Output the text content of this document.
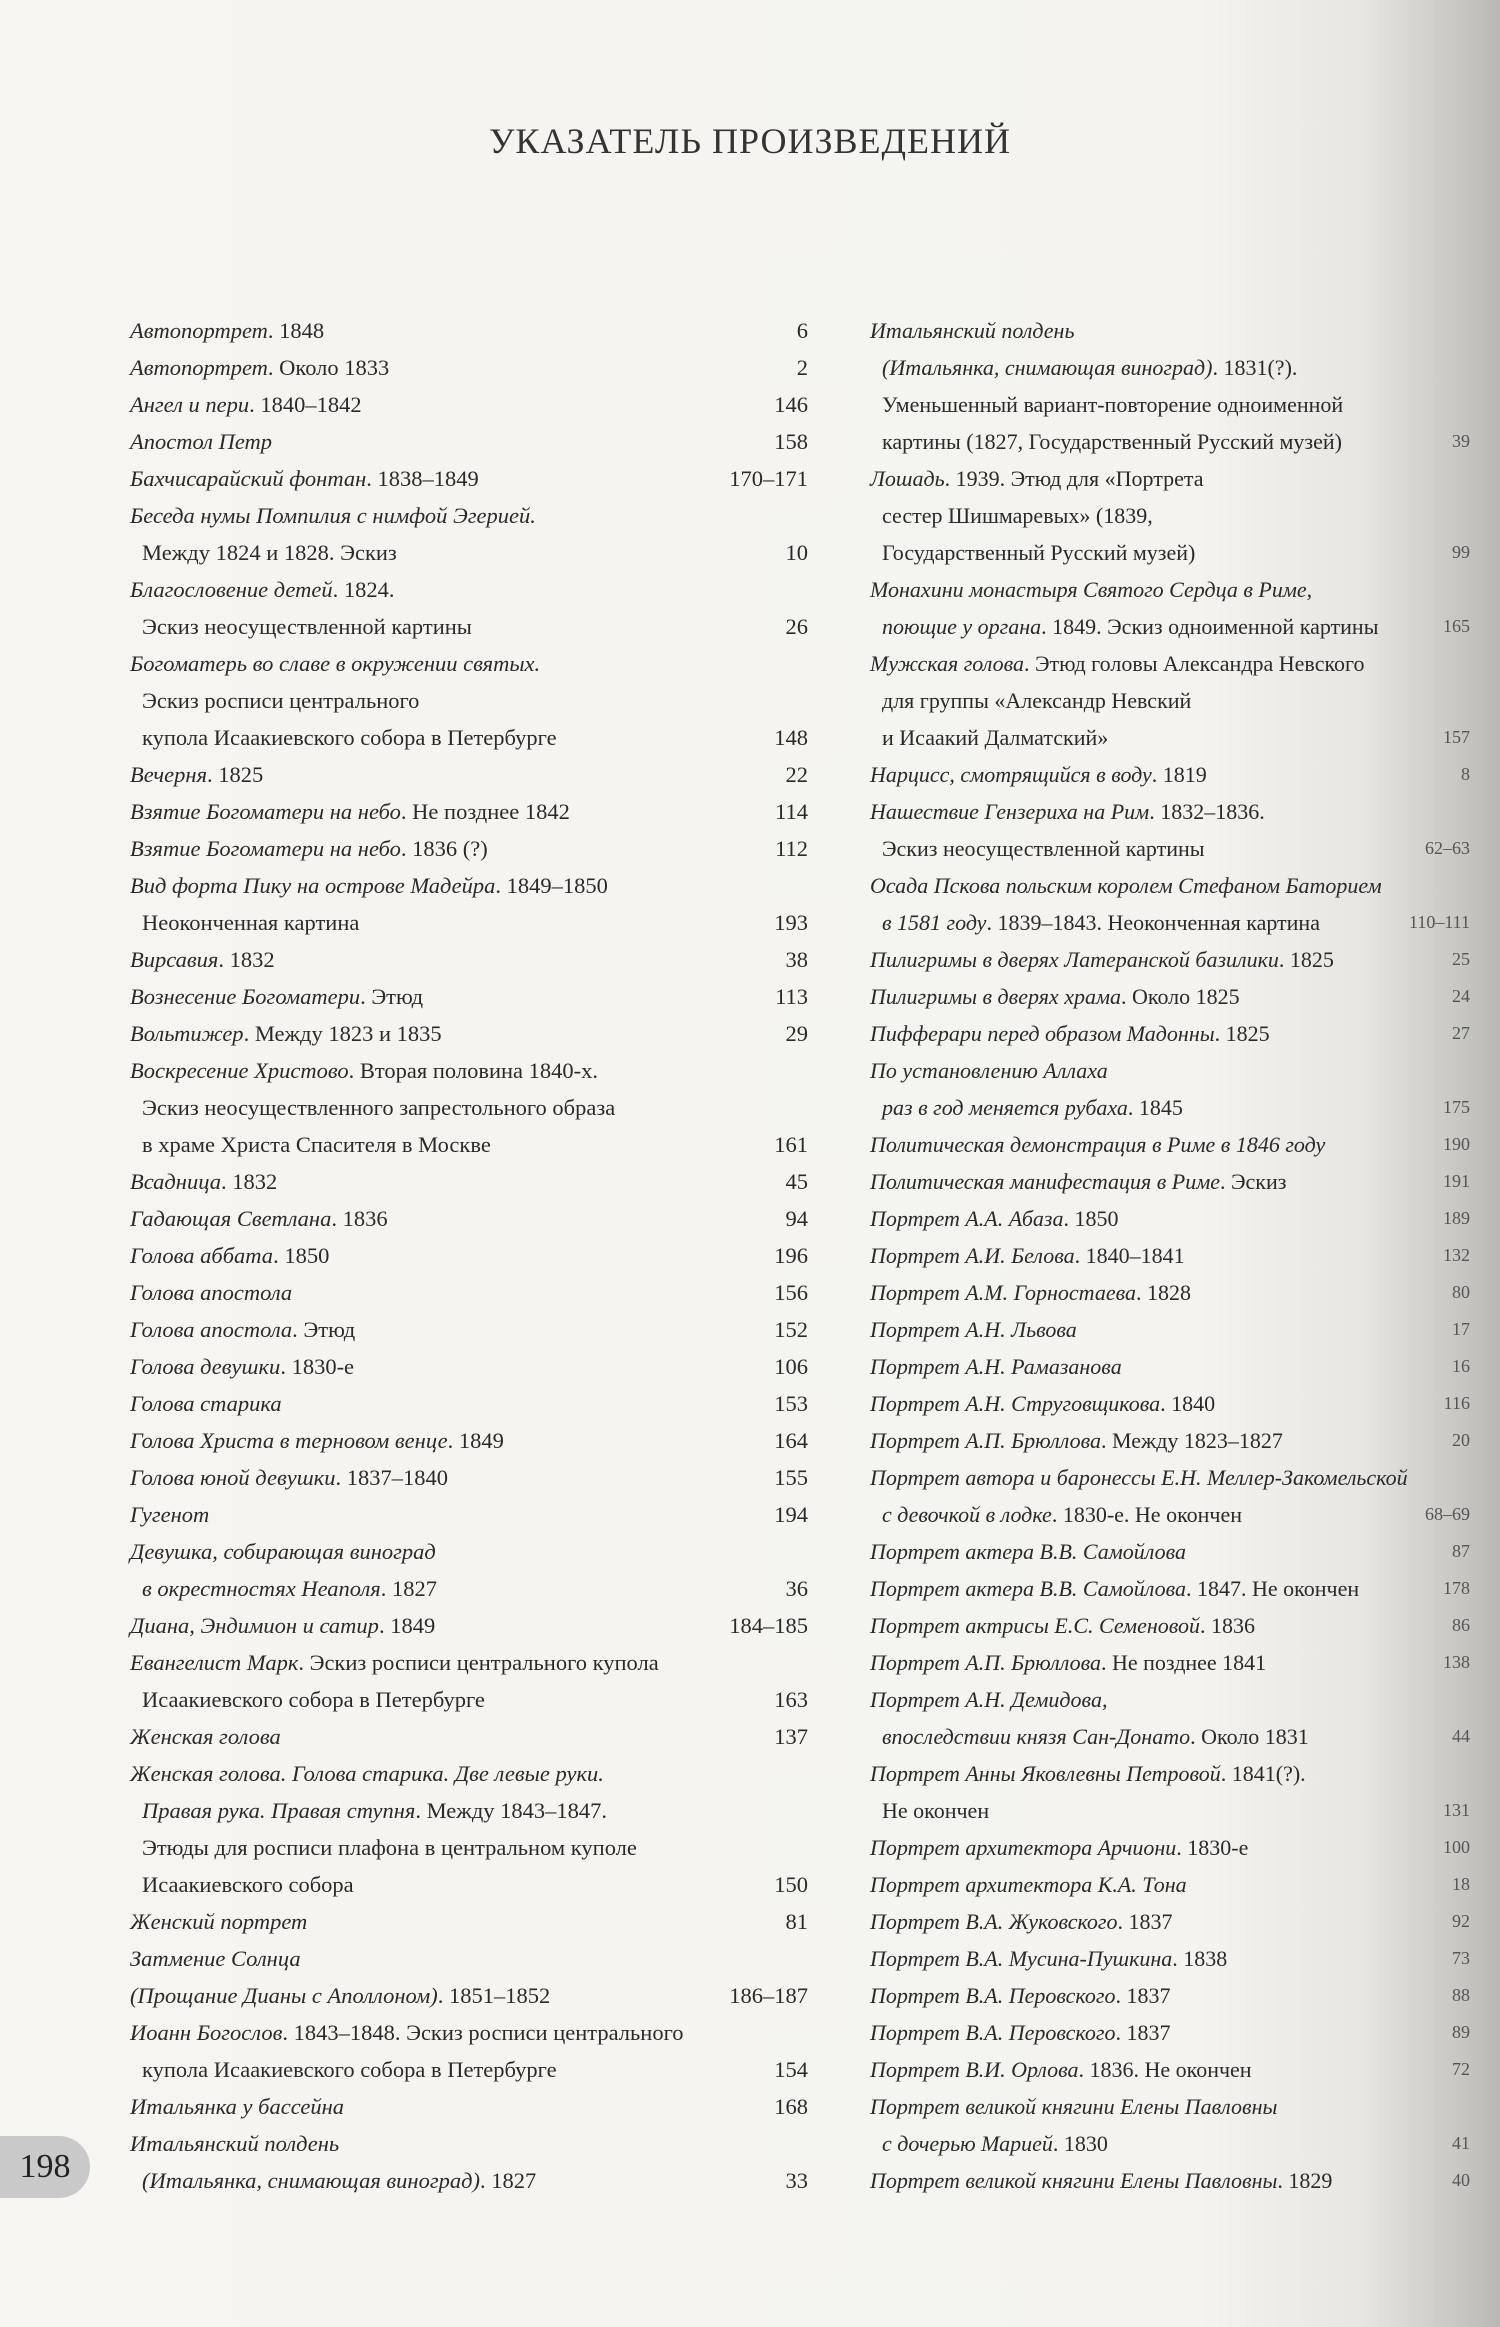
УКАЗАТЕЛЬ ПРОИЗВЕДЕНИЙ
Автопортрет. 1848	6
Автопортрет. Около 1833	2
Ангел и пери. 1840–1842	146
Апостол Петр	158
Бахчисарайский фонтан. 1838–1849	170–171
Беседа нумы Помпилия с нимфой Эгерией.
Между 1824 и 1828. Эскиз	10
Благословение детей. 1824.
Эскиз неосуществленной картины	26
Богоматерь во славе в окружении святых.
Эскиз росписи центрального
купола Исаакиевского собора в Петербурге	148
Вечерня. 1825	22
Взятие Богоматери на небо. Не позднее 1842	114
Взятие Богоматери на небо. 1836 (?)	112
Вид форта Пику на острове Мадейра. 1849–1850
Неоконченная картина	193
Вирсавия. 1832	38
Вознесение Богоматери. Этюд	113
Вольтижер. Между 1823 и 1835	29
Воскресение Христово. Вторая половина 1840-х.
Эскиз неосуществленного запрестольного образа
в храме Христа Спасителя в Москве	161
Всадница. 1832	45
Гадающая Светлана. 1836	94
Голова аббата. 1850	196
Голова апостола	156
Голова апостола. Этюд	152
Голова девушки. 1830-е	106
Голова старика	153
Голова Христа в терновом венце. 1849	164
Голова юной девушки. 1837–1840	155
Гугенот	194
Девушка, собирающая виноград
в окрестностях Неаполя. 1827	36
Диана, Эндимион и сатир. 1849	184–185
Евангелист Марк. Эскиз росписи центрального купола
Исаакиевского собора в Петербурге	163
Женская голова	137
Женская голова. Голова старика. Две левые руки.
Правая рука. Правая ступня. Между 1843–1847.
Этюды для росписи плафона в центральном куполе
Исаакиевского собора	150
Женский портрет	81
Затмение Солнца
(Прощание Дианы с Аполлоном). 1851–1852	186–187
Иоанн Богослов. 1843–1848. Эскиз росписи центрального
купола Исаакиевского собора в Петербурге	154
Итальянка у бассейна	168
Итальянский полдень
(Итальянка, снимающая виноград). 1827	33
Итальянский полдень
(Итальянка, снимающая виноград). 1831(?).
Уменьшенный вариант-повторение одноименной
картины (1827, Государственный Русский музей)	39
Лошадь. 1939. Этюд для «Портрета
сестер Шишмаревых» (1839,
Государственный Русский музей)	99
Монахини монастыря Святого Сердца в Риме,
поющие у органа. 1849. Эскиз одноименной картины	165
Мужская голова. Этюд головы Александра Невского
для группы «Александр Невский
и Исаакий Далматский»	157
Нарцисс, смотрящийся в воду. 1819	8
Нашествие Гензериха на Рим. 1832–1836.
Эскиз неосуществленной картины	62–63
Осада Пскова польским королем Стефаном Баторием
в 1581 году. 1839–1843. Неоконченная картина	110–111
Пилигримы в дверях Латеранской базилики. 1825	25
Пилигримы в дверях храма. Около 1825	24
Пифферари перед образом Мадонны. 1825	27
По установлению Аллаха
раз в год меняется рубаха. 1845	175
Политическая демонстрация в Риме в 1846 году	190
Политическая манифестация в Риме. Эскиз	191
Портрет А.А. Абаза. 1850	189
Портрет А.И. Белова. 1840–1841	132
Портрет А.М. Горностаева. 1828	80
Портрет А.Н. Львова	17
Портрет А.Н. Рамазанова	16
Портрет А.Н. Струговщикова. 1840	116
Портрет А.П. Брюллова. Между 1823–1827	20
Портрет автора и баронессы Е.Н. Меллер-Закомельской
с девочкой в лодке. 1830-е. Не окончен	68–69
Портрет актера В.В. Самойлова	87
Портрет актера В.В. Самойлова. 1847. Не окончен	178
Портрет актрисы Е.С. Семеновой. 1836	86
Портрет А.П. Брюллова. Не позднее 1841	138
Портрет А.Н. Демидова,
впоследствии князя Сан-Донато. Около 1831	44
Портрет Анны Яковлевны Петровой. 1841(?).
Не окончен	131
Портрет архитектора Арчиони. 1830-е	100
Портрет архитектора К.А. Тона	18
Портрет В.А. Жуковского. 1837	92
Портрет В.А. Мусина-Пушкина. 1838	73
Портрет В.А. Перовского. 1837	88
Портрет В.А. Перовского. 1837	89
Портрет В.И. Орлова. 1836. Не окончен	72
Портрет великой княгини Елены Павловны
с дочерью Марией. 1830	41
Портрет великой княгини Елены Павловны. 1829	40
198
